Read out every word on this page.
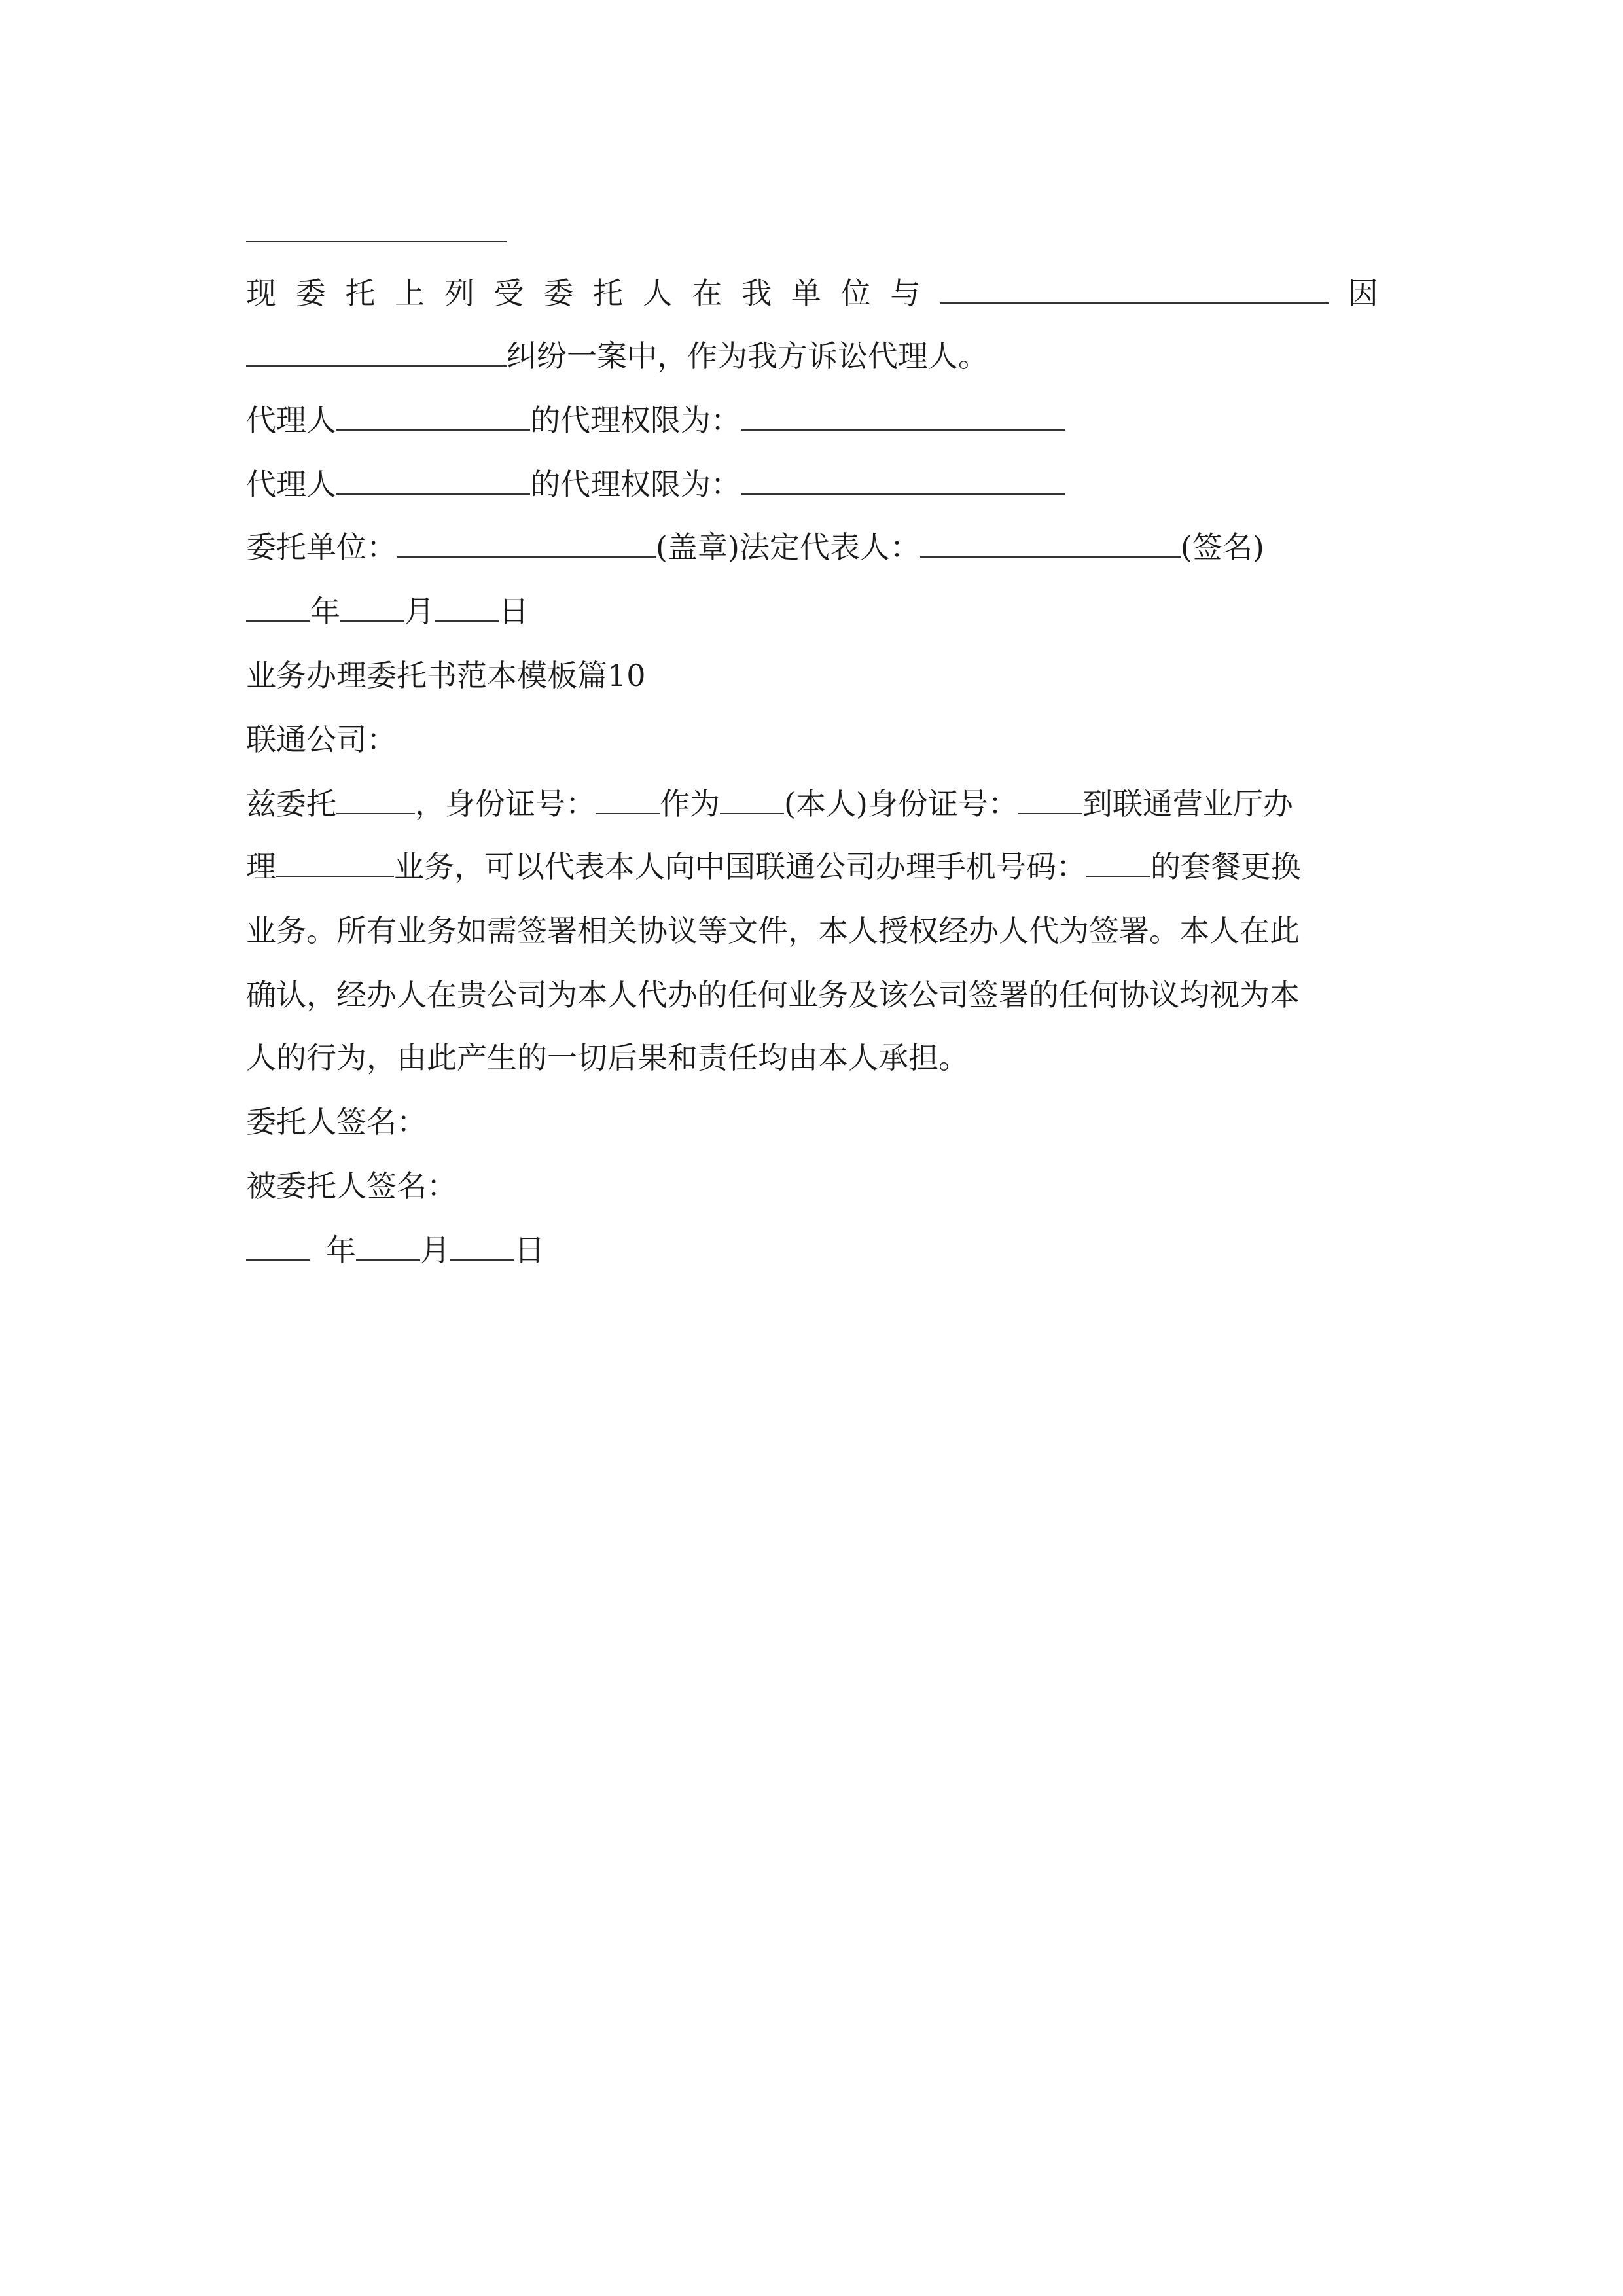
现 委 托 上 列 受 委 托 人 在 我 单 位 与	因
纠纷一案中，作为我方诉讼代理人。
代理人	的代理权限为：
代理人	的代理权限为：
委托单位：	(盖章)法定代表人：	(签名)
年 月 日
业务办理委托书范本模板篇10
联通公司：
兹委托	，身份证号： 作为 (本人)身份证号： 到联通营业厅办
理	业务，可以代表本人向中国联通公司办理手机号码： 的套餐更换
业务。所有业务如需签署相关协议等文件，本人授权经办人代为签署。本人在此
确认，经办人在贵公司为本人代办的任何业务及该公司签署的任何协议均视为本
人的行为，由此产生的一切后果和责任均由本人承担。
委托人签名：
被委托人签名：
年 月 日
